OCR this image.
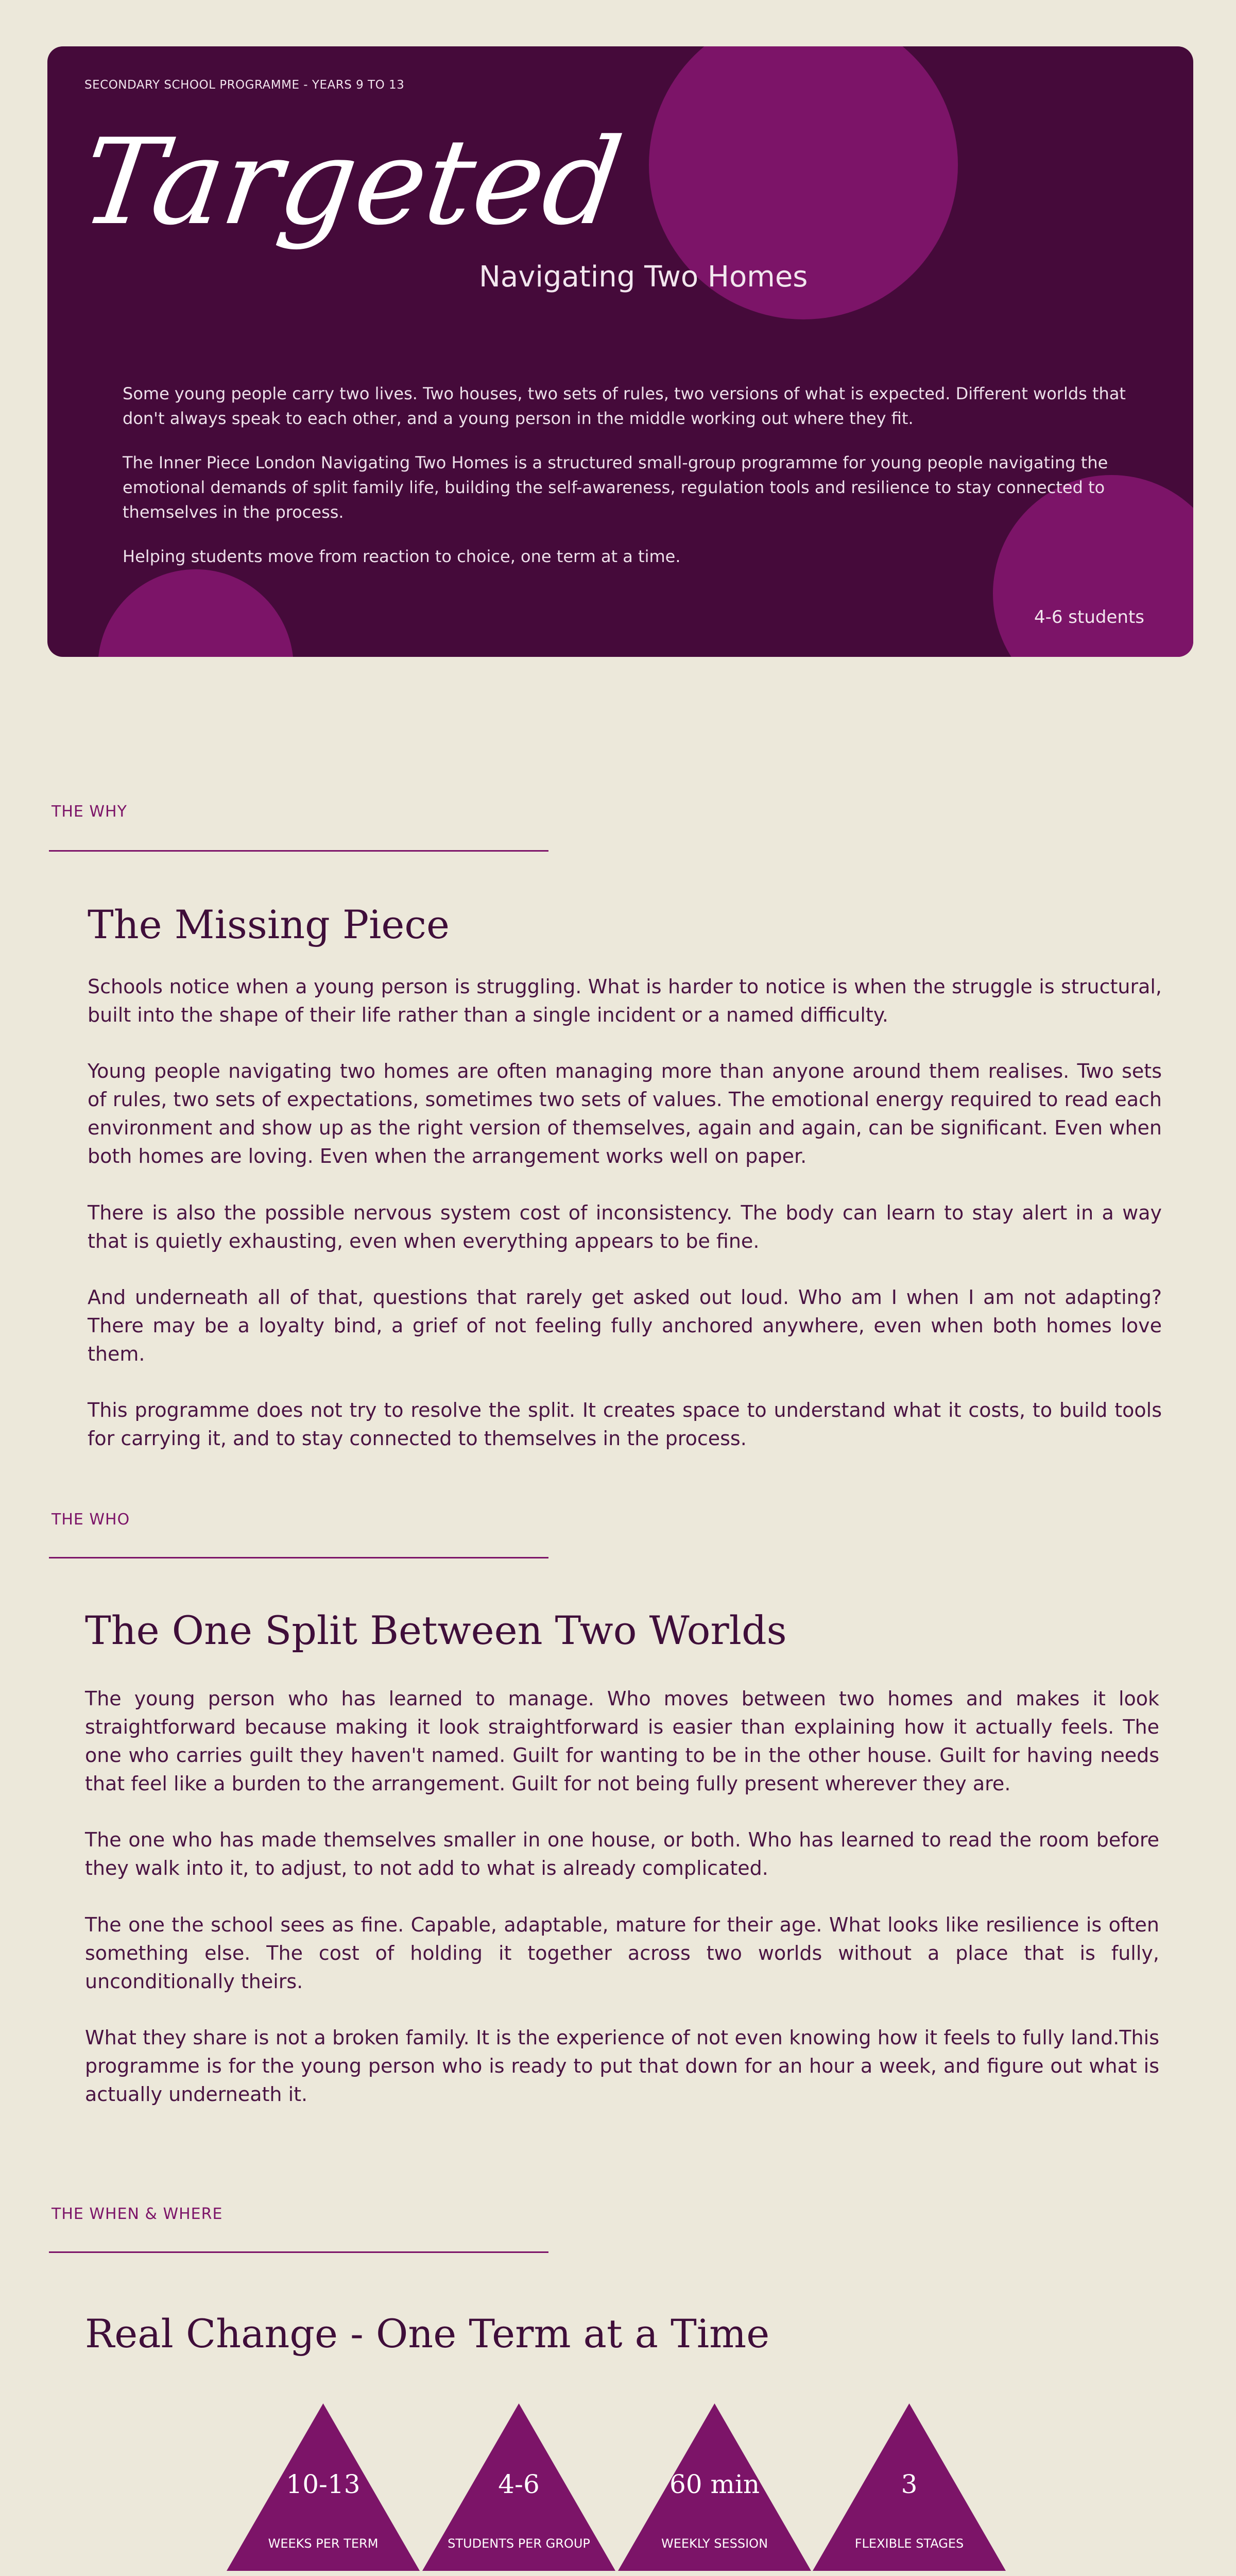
SECONDARY SCHOOL PROGRAMME - YEARS 9 TO 13
Targeted
Navigating Two Homes

Some young people carry two lives. Two houses, two sets of rules, two versions of what is expected. Different worlds that don't always speak to each other, and a young person in the middle working out where they fit.

The Inner Piece London Navigating Two Homes is a structured small-group programme for young people navigating the emotional demands of split family life, building the self-awareness, regulation tools and resilience to stay connected to themselves in the process.

Helping students move from reaction to choice, one term at a time.

4-6 students
THE WHY
The Missing Piece

Schools notice when a young person is struggling. What is harder to notice is when the struggle is structural, built into the shape of their life rather than a single incident or a named difficulty.

Young people navigating two homes are often managing more than anyone around them realises. Two sets of rules, two sets of expectations, sometimes two sets of values. The emotional energy required to read each environment and show up as the right version of themselves, again and again, can be significant. Even when both homes are loving. Even when the arrangement works well on paper.

There is also the possible nervous system cost of inconsistency. The body can learn to stay alert in a way that is quietly exhausting, even when everything appears to be fine.

And underneath all of that, questions that rarely get asked out loud. Who am I when I am not adapting? There may be a loyalty bind, a grief of not feeling fully anchored anywhere, even when both homes love them.

This programme does not try to resolve the split. It creates space to understand what it costs, to build tools for carrying it, and to stay connected to themselves in the process.

THE WHO
The One Split Between Two Worlds

The young person who has learned to manage. Who moves between two homes and makes it look straightforward because making it look straightforward is easier than explaining how it actually feels. The one who carries guilt they haven't named. Guilt for wanting to be in the other house. Guilt for having needs that feel like a burden to the arrangement. Guilt for not being fully present wherever they are.

The one who has made themselves smaller in one house, or both. Who has learned to read the room before they walk into it, to adjust, to not add to what is already complicated.

The one the school sees as fine. Capable, adaptable, mature for their age. What looks like resilience is often something else. The cost of holding it together across two worlds without a place that is fully, unconditionally theirs.

What they share is not a broken family. It is the experience of not even knowing how it feels to fully land.This programme is for the young person who is ready to put that down for an hour a week, and figure out what is actually underneath it.

THE WHEN & WHERE
Real Change - One Term at a Time
10-13
WEEKS PER TERM
4-6
STUDENTS PER GROUP
60 min
WEEKLY SESSION
3
FLEXIBLE STAGES
